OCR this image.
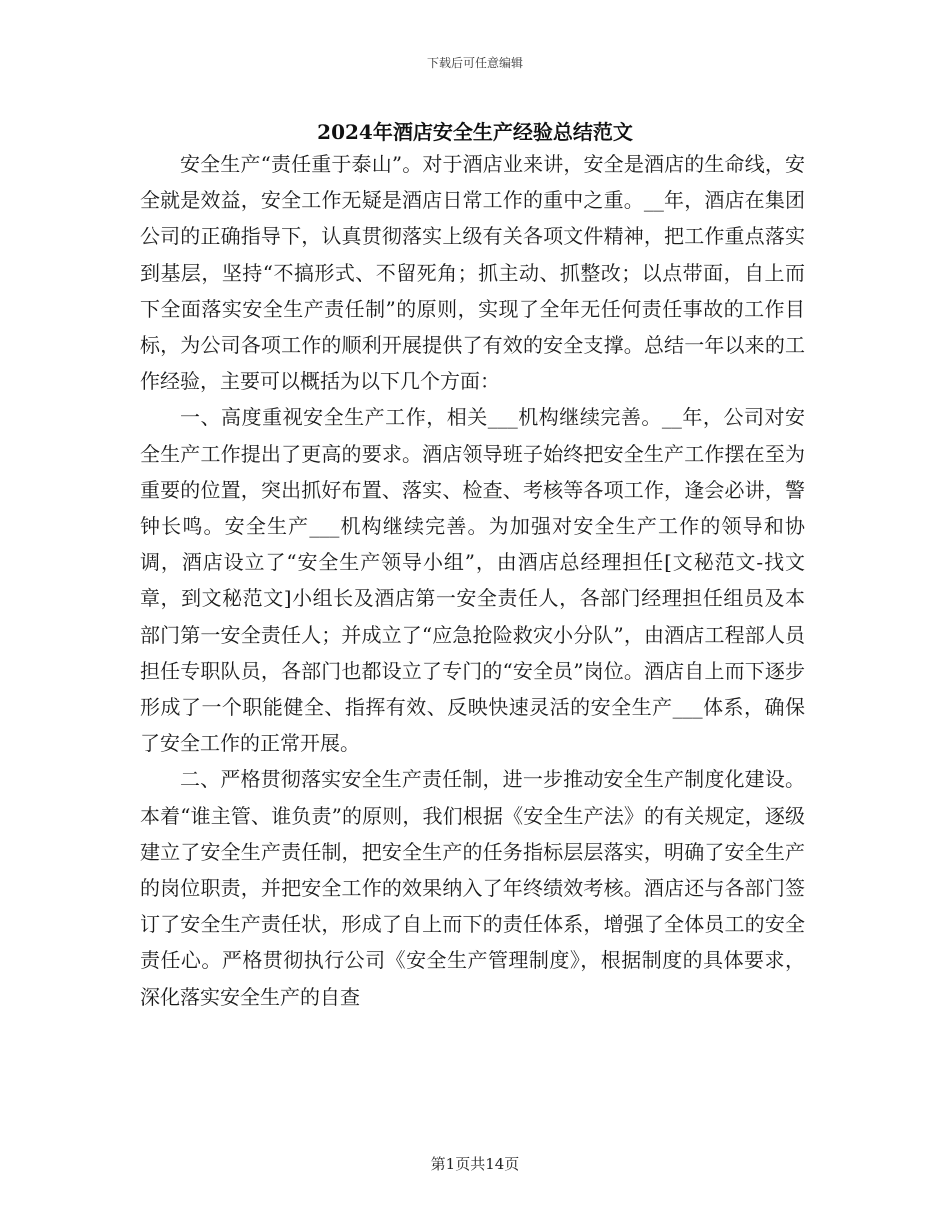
下载后可任意编辑
2024年酒店安全生产经验总结范文

安全生产“责任重于泰山”。对于酒店业来讲，安全是酒店的生命线，安全就是效益，安全工作无疑是酒店日常工作的重中之重。__年，酒店在集团公司的正确指导下，认真贯彻落实上级有关各项文件精神，把工作重点落实到基层，坚持“不搞形式、不留死角；抓主动、抓整改；以点带面，自上而下全面落实安全生产责任制”的原则，实现了全年无任何责任事故的工作目标，为公司各项工作的顺利开展提供了有效的安全支撑。总结一年以来的工作经验，主要可以概括为以下几个方面：

一、高度重视安全生产工作，相关___机构继续完善。__年，公司对安全生产工作提出了更高的要求。酒店领导班子始终把安全生产工作摆在至为重要的位置，突出抓好布置、落实、检查、考核等各项工作，逢会必讲，警钟长鸣。安全生产___机构继续完善。为加强对安全生产工作的领导和协调，酒店设立了“安全生产领导小组”，由酒店总经理担任[文秘范文-找文章，到文秘范文]小组长及酒店第一安全责任人，各部门经理担任组员及本部门第一安全责任人；并成立了“应急抢险救灾小分队”，由酒店工程部人员担任专职队员，各部门也都设立了专门的“安全员”岗位。酒店自上而下逐步形成了一个职能健全、指挥有效、反映快速灵活的安全生产___体系，确保了安全工作的正常开展。

二、严格贯彻落实安全生产责任制，进一步推动安全生产制度化建设。本着“谁主管、谁负责”的原则，我们根据《安全生产法》的有关规定，逐级建立了安全生产责任制，把安全生产的任务指标层层落实，明确了安全生产的岗位职责，并把安全工作的效果纳入了年终绩效考核。酒店还与各部门签订了安全生产责任状，形成了自上而下的责任体系，增强了全体员工的安全责任心。严格贯彻执行公司《安全生产管理制度》，根据制度的具体要求，深化落实安全生产的自查

第1页共14页
